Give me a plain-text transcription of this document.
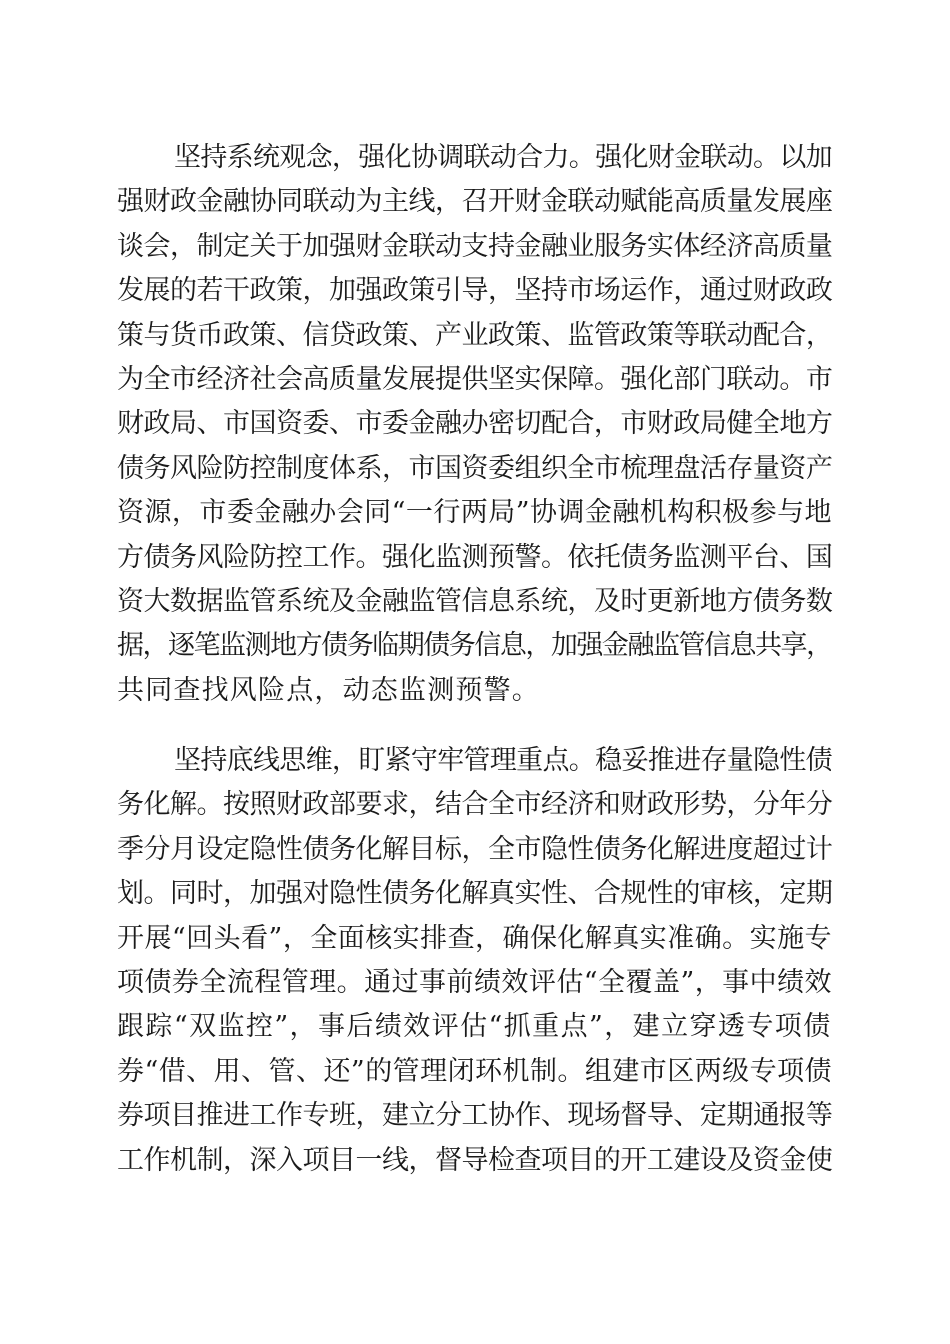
坚持系统观念，强化协调联动合力。强化财金联动。以加
强财政金融协同联动为主线，召开财金联动赋能高质量发展座
谈会，制定关于加强财金联动支持金融业服务实体经济高质量
发展的若干政策，加强政策引导，坚持市场运作，通过财政政
策与货币政策、信贷政策、产业政策、监管政策等联动配合，
为全市经济社会高质量发展提供坚实保障。强化部门联动。市
财政局、市国资委、市委金融办密切配合，市财政局健全地方
债务风险防控制度体系，市国资委组织全市梳理盘活存量资产
资源，市委金融办会同“一行两局”协调金融机构积极参与地
方债务风险防控工作。强化监测预警。依托债务监测平台、国
资大数据监管系统及金融监管信息系统，及时更新地方债务数
据，逐笔监测地方债务临期债务信息，加强金融监管信息共享，
共同查找风险点，动态监测预警。
坚持底线思维，盯紧守牢管理重点。稳妥推进存量隐性债
务化解。按照财政部要求，结合全市经济和财政形势，分年分
季分月设定隐性债务化解目标，全市隐性债务化解进度超过计
划。同时，加强对隐性债务化解真实性、合规性的审核，定期
开展“回头看”，全面核实排查，确保化解真实准确。实施专
项债券全流程管理。通过事前绩效评估“全覆盖”，事中绩效
跟踪“双监控”，事后绩效评估“抓重点”，建立穿透专项债
券“借、用、管、还”的管理闭环机制。组建市区两级专项债
券项目推进工作专班，建立分工协作、现场督导、定期通报等
工作机制，深入项目一线，督导检查项目的开工建设及资金使
